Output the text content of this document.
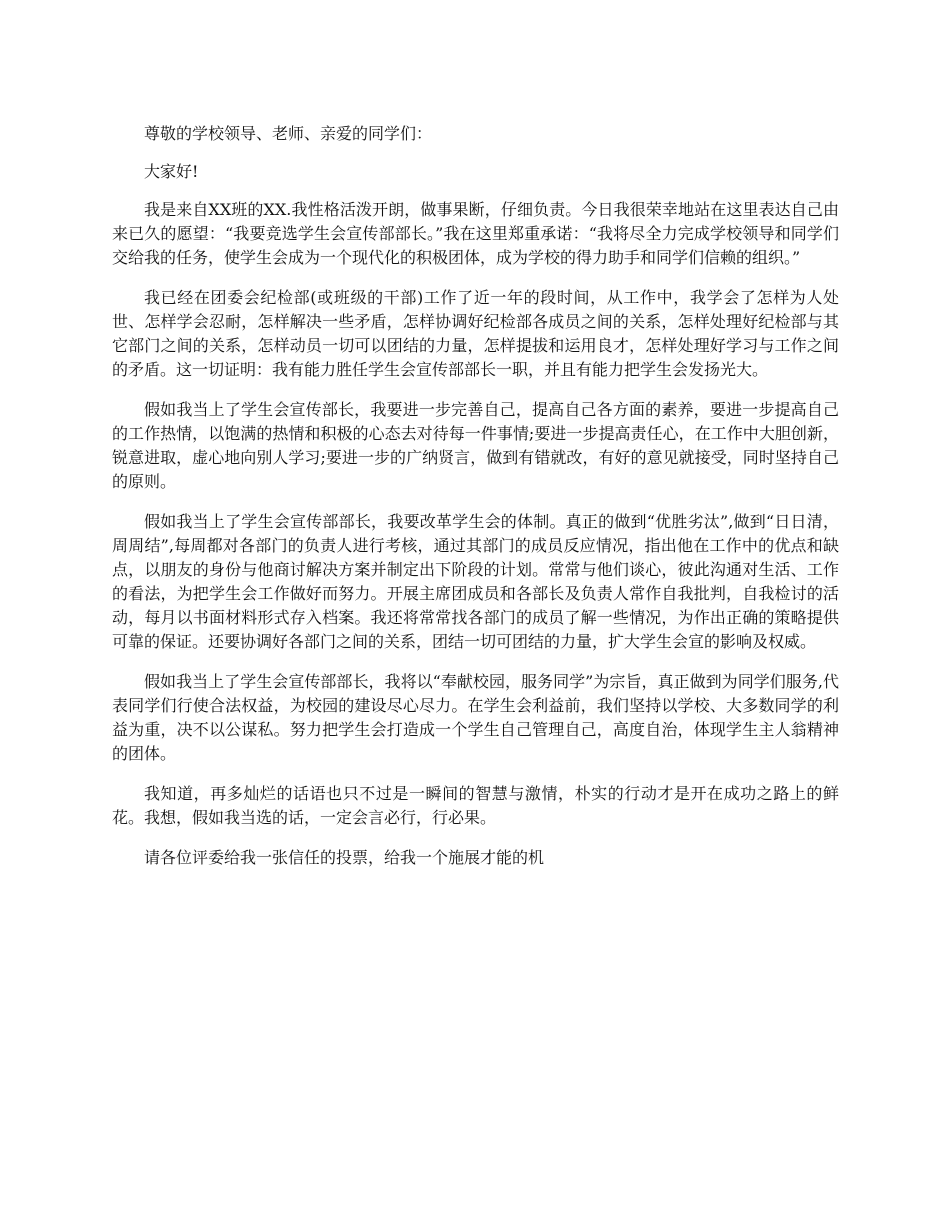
尊敬的学校领导、老师、亲爱的同学们：

大家好!

我是来自XX班的XX.我性格活泼开朗，做事果断，仔细负责。今日我很荣幸地站在这里表达自己由来已久的愿望：“我要竞选学生会宣传部部长。”我在这里郑重承诺：“我将尽全力完成学校领导和同学们交给我的任务，使学生会成为一个现代化的积极团体，成为学校的得力助手和同学们信赖的组织。”

我已经在团委会纪检部(或班级的干部)工作了近一年的段时间，从工作中，我学会了怎样为人处世、怎样学会忍耐，怎样解决一些矛盾，怎样协调好纪检部各成员之间的关系，怎样处理好纪检部与其它部门之间的关系，怎样动员一切可以团结的力量，怎样提拔和运用良才，怎样处理好学习与工作之间的矛盾。这一切证明：我有能力胜任学生会宣传部部长一职，并且有能力把学生会发扬光大。

假如我当上了学生会宣传部长，我要进一步完善自己，提高自己各方面的素养，要进一步提高自己的工作热情，以饱满的热情和积极的心态去对待每一件事情;要进一步提高责任心，在工作中大胆创新，锐意进取，虚心地向别人学习;要进一步的广纳贤言，做到有错就改，有好的意见就接受，同时坚持自己的原则。

假如我当上了学生会宣传部部长，我要改革学生会的体制。真正的做到“优胜劣汰”,做到“日日清，周周结”,每周都对各部门的负责人进行考核，通过其部门的成员反应情况，指出他在工作中的优点和缺点，以朋友的身份与他商讨解决方案并制定出下阶段的计划。常常与他们谈心，彼此沟通对生活、工作的看法，为把学生会工作做好而努力。开展主席团成员和各部长及负责人常作自我批判，自我检讨的活动，每月以书面材料形式存入档案。我还将常常找各部门的成员了解一些情况，为作出正确的策略提供可靠的保证。还要协调好各部门之间的关系，团结一切可团结的力量，扩大学生会宣的影响及权威。

假如我当上了学生会宣传部部长，我将以“奉献校园，服务同学”为宗旨，真正做到为同学们服务,代表同学们行使合法权益，为校园的建设尽心尽力。在学生会利益前，我们坚持以学校、大多数同学的利益为重，决不以公谋私。努力把学生会打造成一个学生自己管理自己，高度自治，体现学生主人翁精神的团体。

我知道，再多灿烂的话语也只不过是一瞬间的智慧与激情，朴实的行动才是开在成功之路上的鲜花。我想，假如我当选的话，一定会言必行，行必果。

请各位评委给我一张信任的投票，给我一个施展才能的机
